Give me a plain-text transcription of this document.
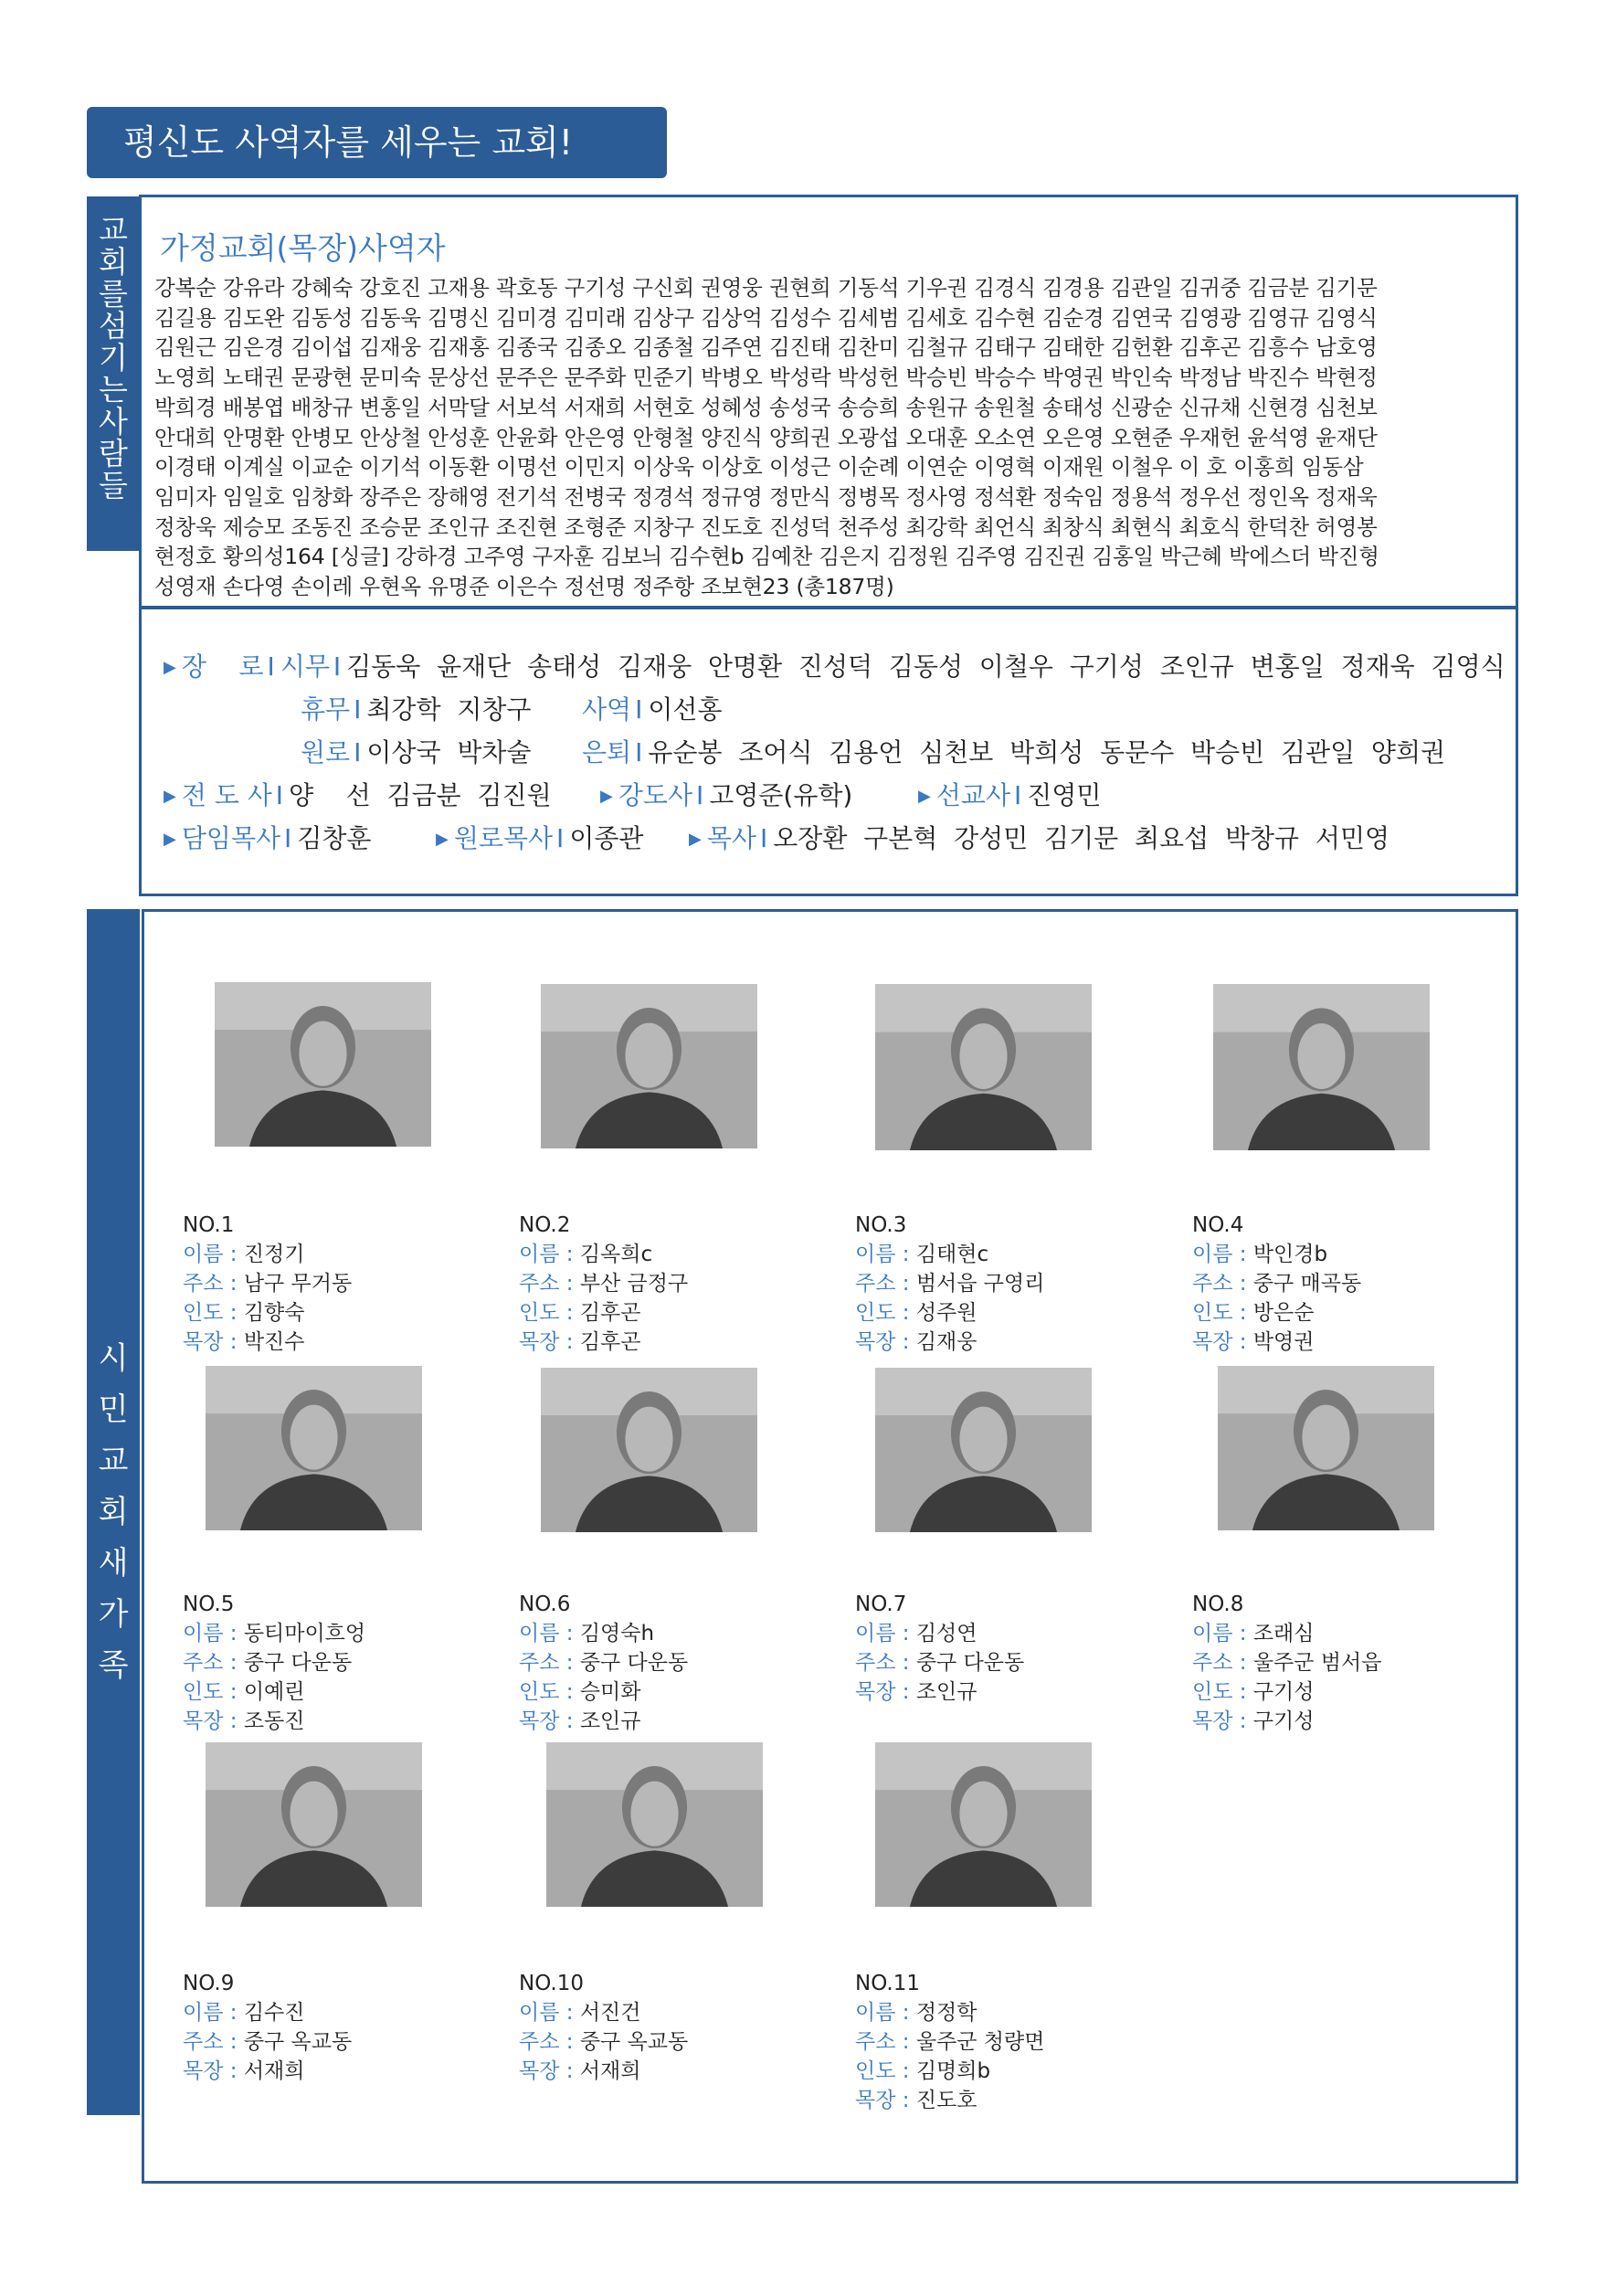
평신도 사역자를 세우는 교회!
교
회
를
섬
기
는
사
람
들
가정교회(목장)사역자
강복순 강유라 강혜숙 강호진 고재용 곽호동 구기성 구신회 권영웅 권현희 기동석 기우권 김경식 김경용 김관일 김귀중 김금분 김기문
김길용 김도완 김동성 김동욱 김명신 김미경 김미래 김상구 김상억 김성수 김세범 김세호 김수현 김순경 김연국 김영광 김영규 김영식
김원근 김은경 김이섭 김재웅 김재홍 김종국 김종오 김종철 김주연 김진태 김찬미 김철규 김태구 김태한 김헌환 김후곤 김흥수 남호영
노영희 노태권 문광현 문미숙 문상선 문주은 문주화 민준기 박병오 박성락 박성헌 박승빈 박승수 박영권 박인숙 박정남 박진수 박현정
박희경 배봉엽 배창규 변홍일 서막달 서보석 서재희 서현호 성혜성 송성국 송승희 송원규 송원철 송태성 신광순 신규채 신현경 심천보
안대희 안명환 안병모 안상철 안성훈 안윤화 안은영 안형철 양진식 양희권 오광섭 오대훈 오소연 오은영 오현준 우재헌 윤석영 윤재단
이경태 이계실 이교순 이기석 이동환 이명선 이민지 이상욱 이상호 이성근 이순례 이연순 이영혁 이재원 이철우 이 호 이홍희 임동삼
임미자 임일호 임창화 장주은 장해영 전기석 전병국 정경석 정규영 정만식 정병목 정사영 정석환 정숙임 정용석 정우선 정인옥 정재욱
정창욱 제승모 조동진 조승문 조인규 조진현 조형준 지창구 진도호 진성덕 천주성 최강학 최언식 최창식 최현식 최호식 한덕찬 허영봉
현정호 황의성164 [싱글] 강하경 고주영 구자훈 김보늬 김수현b 김예찬 김은지 김정원 김주영 김진권 김홍일 박근혜 박에스더 박진형
성영재 손다영 손이레 우현옥 유명준 이은수 정선명 정주항 조보현23 (총187명)
▶ 장    로 I 시무 I 김동욱  윤재단  송태성  김재웅  안명환  진성덕  김동성  이철우  구기성  조인규  변홍일  정재욱  김영식
휴무 I 최강학  지창구 사역 I 이선홍
원로 I 이상국  박차술 은퇴 I 유순봉  조어식  김용언  심천보  박희성  동문수  박승빈  김관일  양희권
▶ 전 도 사 I 양    선  김금분  김진원	▶ 강도사 I 고영준(유학)	▶ 선교사 I 진영민
▶ 담임목사 I 김창훈	▶ 원로목사 I 이종관	▶ 목사 I 오장환  구본혁  강성민  김기문  최요섭  박창규  서민영
시
민
교
회
새
가
족
NO.1
이름 : 진정기
주소 : 남구 무거동
인도 : 김향숙
목장 : 박진수
NO.2
이름 : 김옥희c
주소 : 부산 금정구
인도 : 김후곤
목장 : 김후곤
NO.3
이름 : 김태현c
주소 : 범서읍 구영리
인도 : 성주원
목장 : 김재웅
NO.4
이름 : 박인경b
주소 : 중구 매곡동
인도 : 방은순
목장 : 박영권
NO.5
이름 : 동티마이흐엉
주소 : 중구 다운동
인도 : 이예린
목장 : 조동진
NO.6
이름 : 김영숙h
주소 : 중구 다운동
인도 : 승미화
목장 : 조인규
NO.7
이름 : 김성연
주소 : 중구 다운동
목장 : 조인규
NO.8
이름 : 조래심
주소 : 울주군 범서읍
인도 : 구기성
목장 : 구기성
NO.9
이름 : 김수진
주소 : 중구 옥교동
목장 : 서재희
NO.10
이름 : 서진건
주소 : 중구 옥교동
목장 : 서재희
NO.11
이름 : 정정학
주소 : 울주군 청량면
인도 : 김명희b
목장 : 진도호
